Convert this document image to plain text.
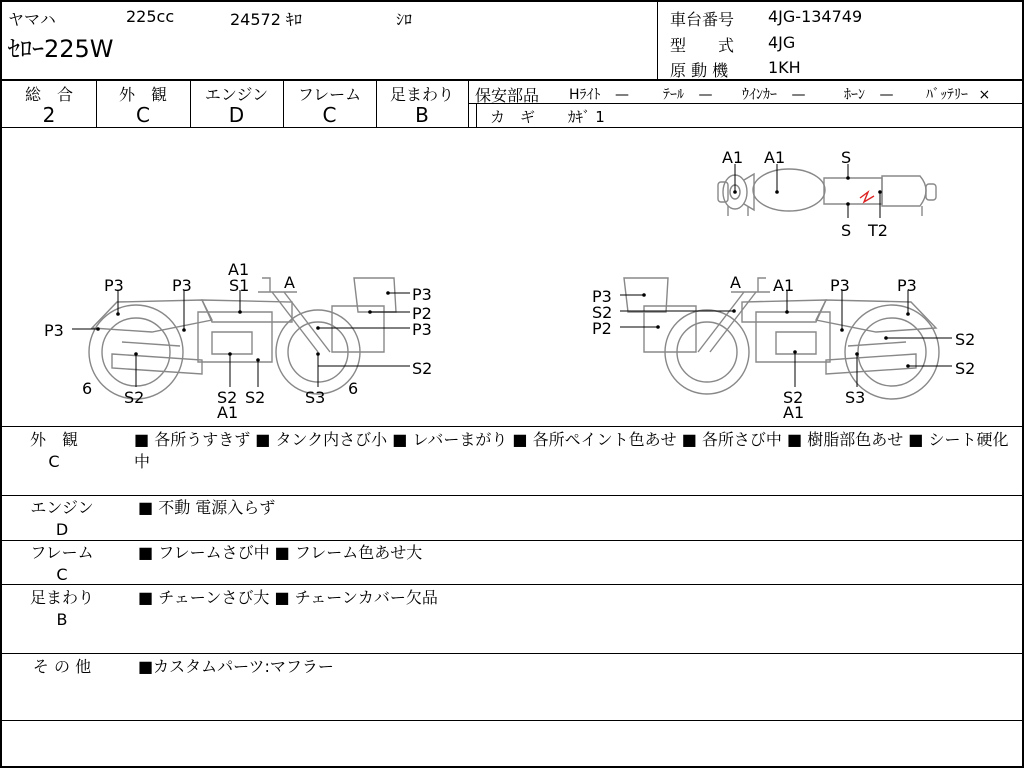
ヤマハ	225cc	24572 ｷﾛ	ｼﾛ
ｾﾛｰ225W
車台番号 4JG-134749
型　　式 4JG
原 動 機 1KH
総　合
2
外　観
C
エンジン
D
フレーム
C
足まわり
B
保安部品 Hﾗｲﾄ — ﾃｰﾙ — ｳｲﾝｶｰ —	ﾎｰﾝ — ﾊﾞｯﾃﾘｰ ×
カ　ギ ｶｷﾞ 1
A1 A1	S
S T2
A1
S1 A
P3	P3	P3
P3
P2
P3
S2
6 S2	S2 S2
A1
S3 6
A A1 P3	P3
P3
S2
P2
S2
S2
S2
A1
S3
外　観
C
■ 各所うすきず ■ タンク内さび小 ■ レバーまがり ■ 各所ペイント色あせ ■ 各所さび中 ■ 樹脂部色あせ ■ シート硬化中
エンジン
D
■ 不動 電源入らず
フレーム
C
■ フレームさび中 ■ フレーム色あせ大
足まわり
B
■ チェーンさび大 ■ チェーンカバー欠品
そ の 他	■カスタムパーツ:マフラー
